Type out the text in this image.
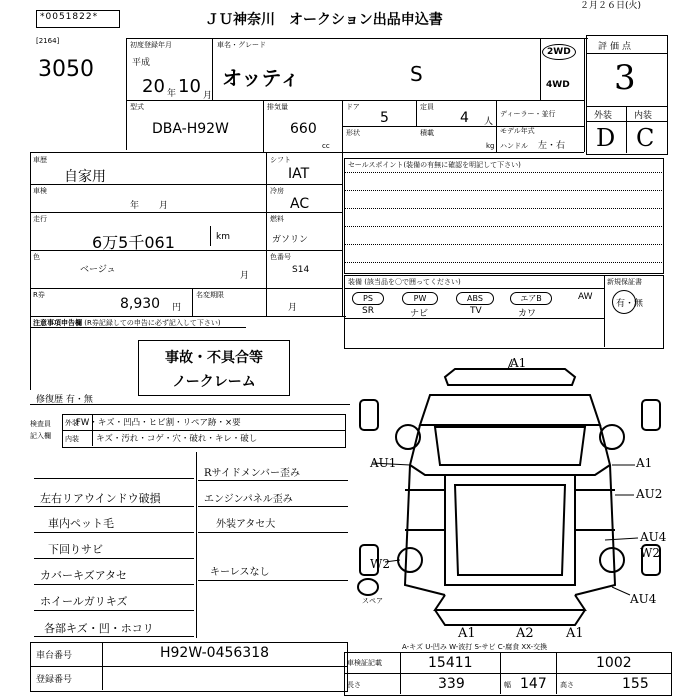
*0051822*	ＪＵ神奈川　オークション出品申込書
２月２６日(火)
[2164]
3050
初度登録年月
平成
20 年 10 月
車名・グレード
オッティ	S
2WD
4WD
型式
DBA-H92W
排気量
660
cc
ドア
5
定員
4 人
ディーラー・並行
形状	積載
kg
モデル年式
ハンドル 左・右
評価点
3
外装 内装
D C
車歴
自家用
車検
年 月
走行
6万5千061	km
色
ベージュ
月
R券
8,930 円
名変期限
月
シフト
IAT
冷房
AC
燃料
ガソリン
色番号
S14
セールスポイント(装備の有無に確認を明記して下さい)
装備 (該当品を〇で囲ってください)
PS	PW	ABS	エアB	AW
SR	ナビ	TV	カワ
新規保証書
有・無
注意事項申告欄 (R券記録しての申告に必ず記入して下さい)
事故・不具合等
ノークレーム
修復歴 有・無
検査員
記入欄
外装
内装
FW・キズ・凹凸・ヒビ割・リペア跡・×要
キズ・汚れ・コゲ・穴・破れ・キレ・破し
左右リアウインドウ破損
車内ペット毛
下回りサビ
カバーキズアタセ
ホイールガリキズ
各部キズ・凹・ホコリ
Rサイドメンバー歪み
エンジンパネル歪み
外装アタセ大
キーレスなし
A1
AU1	A1
AU2
AU4
W2
W2
AU4
スペア
A1	A2 A1
A-キズ U-凹み W-波打 S-サビ C-腐食 XX-交換
車台番号	H92W-0456318
登録番号
車検証記載	15411	1002
長さ	339	幅 147 高さ	155
